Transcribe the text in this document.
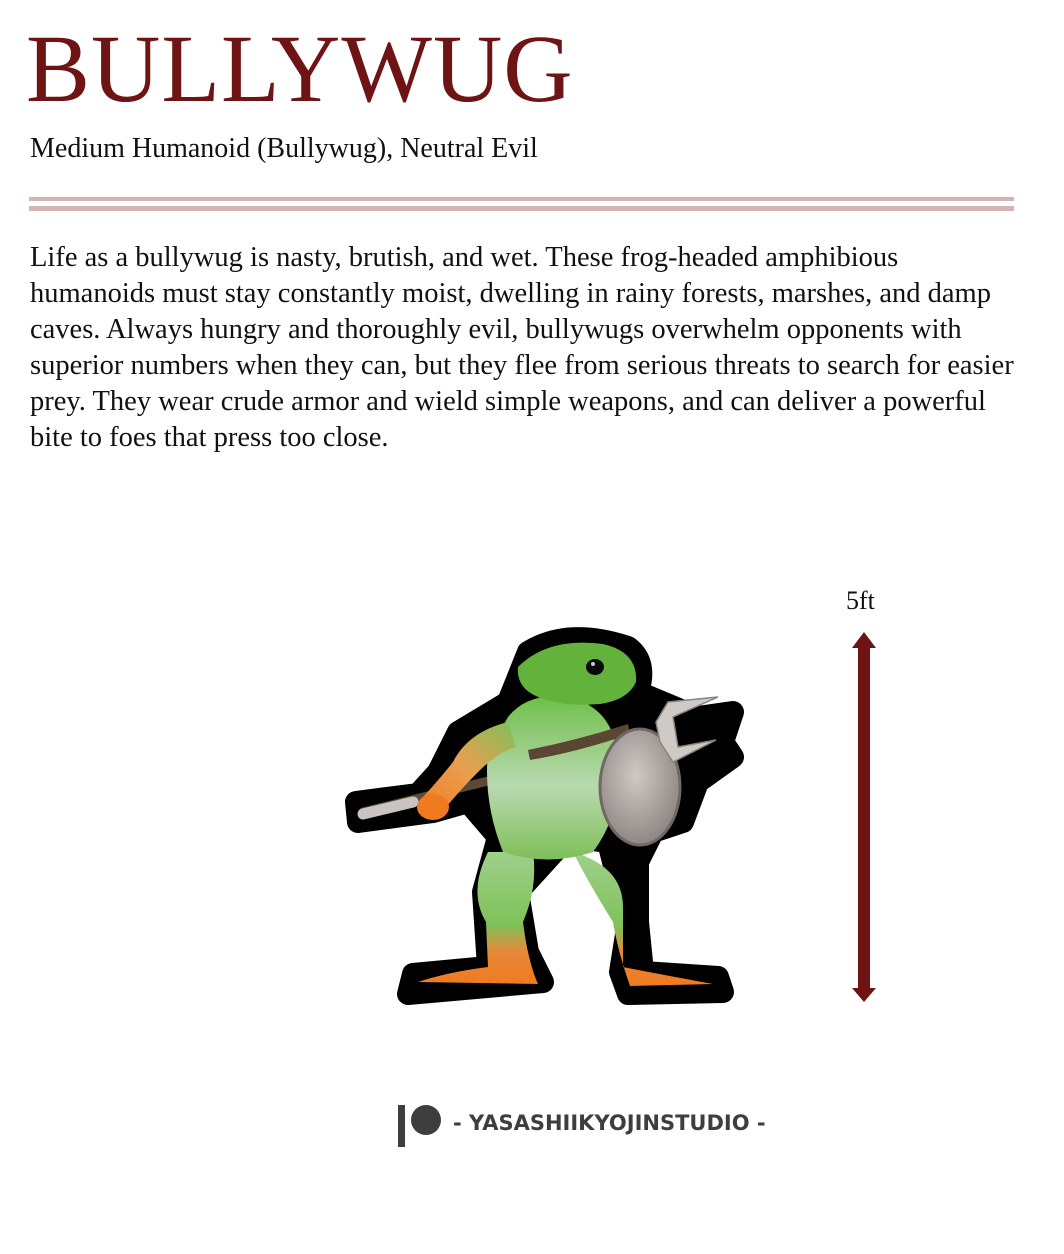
BULLYWUG
Medium Humanoid (Bullywug), Neutral Evil

Life as a bullywug is nasty, brutish, and wet. These frog-headed amphibious humanoids must stay constantly moist, dwelling in rainy forests, marshes, and damp caves. Always hungry and thoroughly evil, bullywugs overwhelm opponents with superior numbers when they can, but they flee from serious threats to search for easier prey. They wear crude armor and wield simple weapons, and can deliver a powerful bite to foes that press too close.

5ft
- YASASHIIKYOJINSTUDIO -
